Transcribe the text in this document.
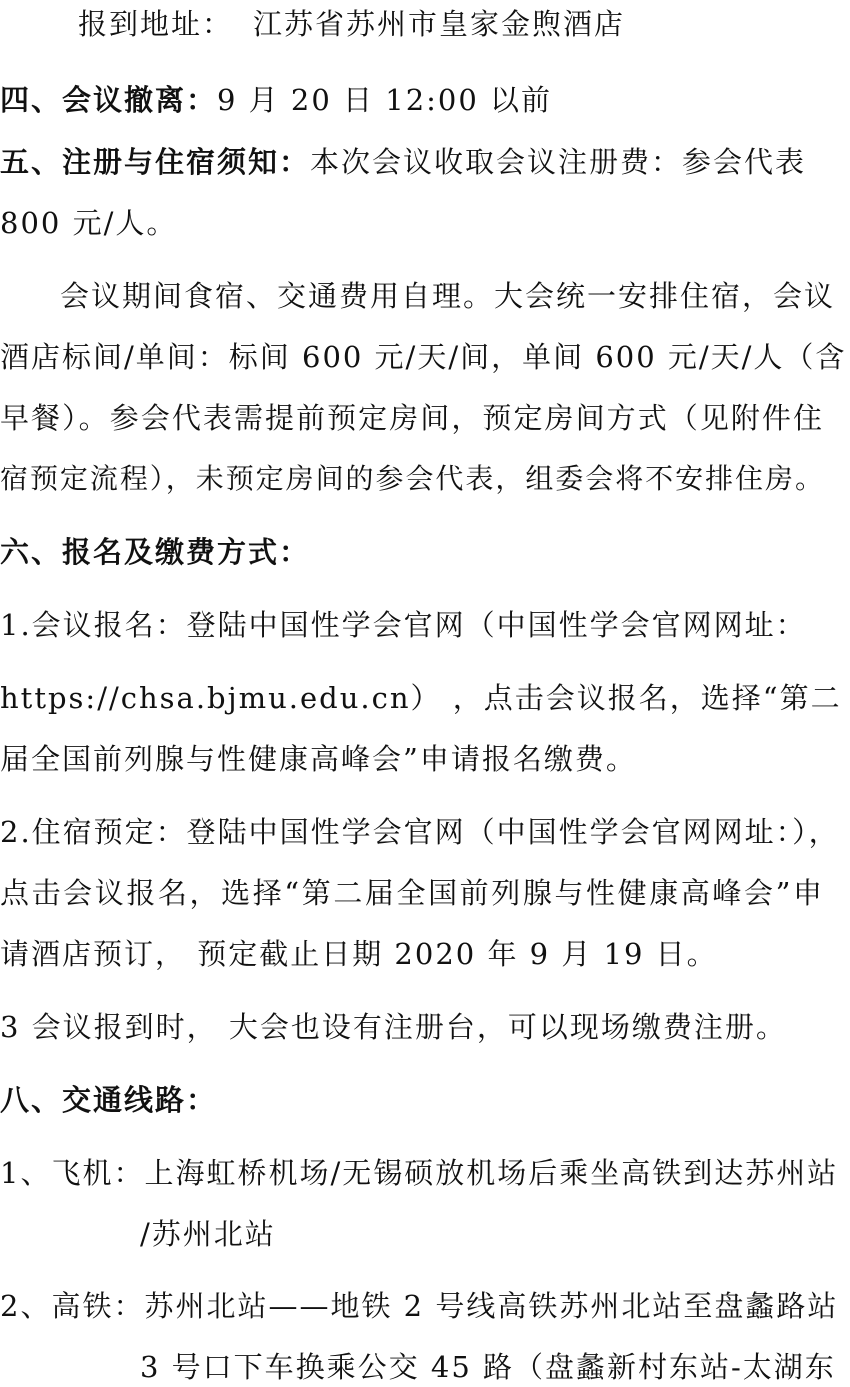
报到地址： 江苏省苏州市皇家金煦酒店
四、会议撤离：9 月 20 日 12:00 以前
五、注册与住宿须知：本次会议收取会议注册费：参会代表
800 元/人。
会议期间食宿、交通费用自理。大会统一安排住宿，会议
酒店标间/单间：标间 600 元/天/间，单间 600 元/天/人（含
早餐）。参会代表需提前预定房间，预定房间方式（见附件住
宿预定流程），未预定房间的参会代表，组委会将不安排住房。
六、报名及缴费方式：
1.会议报名：登陆中国性学会官网（中国性学会官网网址：
https://chsa.bjmu.edu.cn） ，点击会议报名，选择“第二
届全国前列腺与性健康高峰会”申请报名缴费。
2.住宿预定：登陆中国性学会官网（中国性学会官网网址：），
点击会议报名，选择“第二届全国前列腺与性健康高峰会”申
请酒店预订， 预定截止日期 2020 年 9 月 19 日。
3 会议报到时， 大会也设有注册台，可以现场缴费注册。
八、交通线路：
1、飞机：上海虹桥机场/无锡硕放机场后乘坐高铁到达苏州站
/苏州北站
2、高铁：苏州北站——地铁 2 号线高铁苏州北站至盘蠡路站
3 号口下车换乘公交 45 路（盘蠡新村东站-太湖东
